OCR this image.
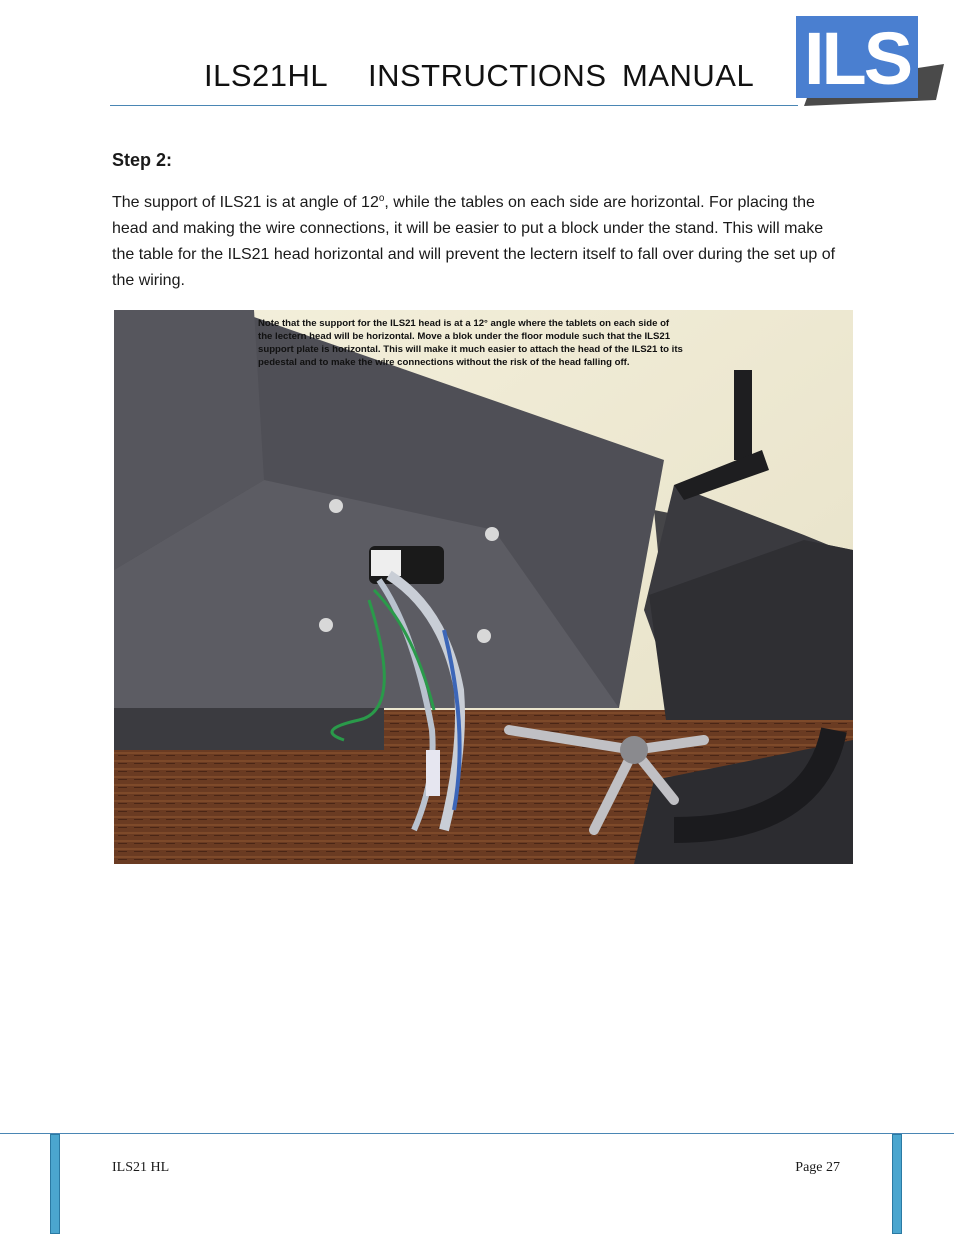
ILS21HL INSTRUCTIONS MANUAL ILS
Step 2:
The support of ILS21 is at angle of 12$^o$, while the tables on each side are horizontal. For placing the head and making the wire connections, it will be easier to put a block under the stand. This will make the table for the ILS21 head horizontal and will prevent the lectern itself to fall over during the set up of the wiring.
Note that the support for the ILS21 head is at a 12° angle where the tablets on each side of
the lectern head will be horizontal. Move a blok under the floor module such that the ILS21
support plate is horizontal. This will make it much easier to attach the head of the ILS21 to its
pedestal and to make the wire connections without the risk of the head falling off.
ILS21 HL	Page 27
